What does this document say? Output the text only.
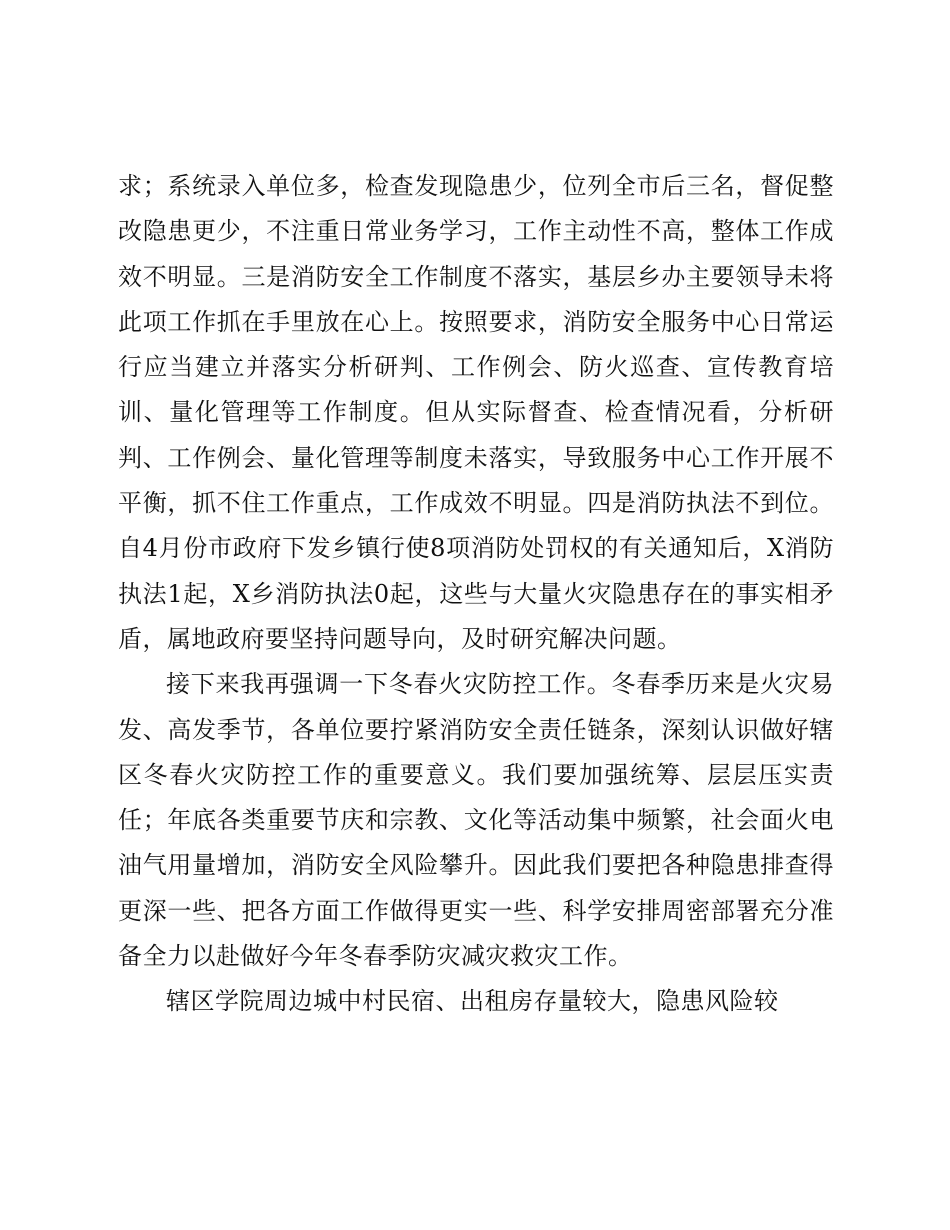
求；系统录入单位多，检查发现隐患少，位列全市后三名，督促整改隐患更少，不注重日常业务学习，工作主动性不高，整体工作成效不明显。三是消防安全工作制度不落实，基层乡办主要领导未将此项工作抓在手里放在心上。按照要求，消防安全服务中心日常运行应当建立并落实分析研判、工作例会、防火巡查、宣传教育培训、量化管理等工作制度。但从实际督查、检查情况看，分析研判、工作例会、量化管理等制度未落实，导致服务中心工作开展不平衡，抓不住工作重点，工作成效不明显。四是消防执法不到位。自4月份市政府下发乡镇行使8项消防处罚权的有关通知后，X消防执法1起，X乡消防执法0起，这些与大量火灾隐患存在的事实相矛盾，属地政府要坚持问题导向，及时研究解决问题。

接下来我再强调一下冬春火灾防控工作。冬春季历来是火灾易发、高发季节，各单位要拧紧消防安全责任链条，深刻认识做好辖区冬春火灾防控工作的重要意义。我们要加强统筹、层层压实责任；年底各类重要节庆和宗教、文化等活动集中频繁，社会面火电油气用量增加，消防安全风险攀升。因此我们要把各种隐患排查得更深一些、把各方面工作做得更实一些、科学安排周密部署充分准备全力以赴做好今年冬春季防灾减灾救灾工作。

辖区学院周边城中村民宿、出租房存量较大，隐患风险较
